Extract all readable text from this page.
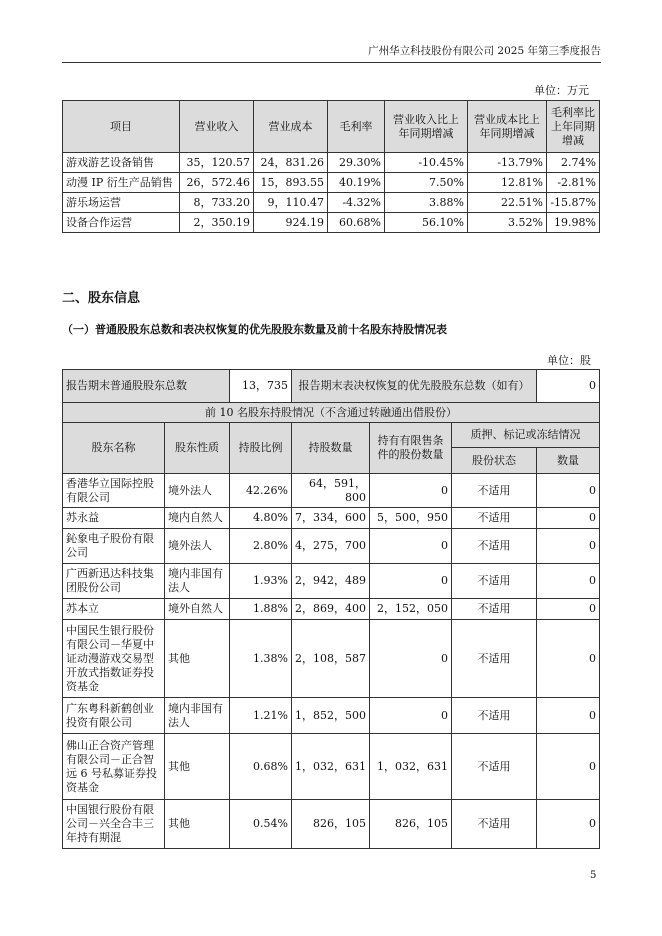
广州华立科技股份有限公司 2025 年第三季度报告
单位：万元
项目	营业收入	营业成本	毛利率	营业收入比上年同期增减	营业成本比上年同期增减	毛利率比上年同期增减
游戏游艺设备销售	35，120.57	24，831.26	29.30%	-10.45%	-13.79%	2.74%
动漫 IP 衍生产品销售	26，572.46	15，893.55	40.19%	7.50%	12.81%	-2.81%
游乐场运营	8，733.20	9，110.47	-4.32%	3.88%	22.51%	-15.87%
设备合作运营	2，350.19	924.19	60.68%	56.10%	3.52%	19.98%
二、股东信息
（一）普通股股东总数和表决权恢复的优先股股东数量及前十名股东持股情况表
单位：股
报告期末普通股股东总数		13，735	报告期末表决权恢复的优先股股东总数（如有）			0
前 10 名股东持股情况（不含通过转融通出借股份）						
股东名称	股东性质	持股比例	持股数量	持有有限售条件的股份数量	质押、标记或冻结情况	
					股份状态	数量
香港华立国际控股有限公司	境外法人	42.26%	64，591，800	0	不适用	0
苏永益	境内自然人	4.80%	7，334，600	5，500，950	不适用	0
鈊象电子股份有限公司	境外法人	2.80%	4，275，700	0	不适用	0
广西新迅达科技集团股份公司	境内非国有法人	1.93%	2，942，489	0	不适用	0
苏本立	境外自然人	1.88%	2，869，400	2，152，050	不适用	0
中国民生银行股份有限公司－华夏中证动漫游戏交易型开放式指数证券投资基金	其他	1.38%	2，108，587	0	不适用	0
广东粤科新鹤创业投资有限公司	境内非国有法人	1.21%	1，852，500	0	不适用	0
佛山正合资产管理有限公司－正合智远 6 号私募证券投资基金	其他	0.68%	1，032，631	1，032，631	不适用	0
中国银行股份有限公司－兴全合丰三年持有期混	其他	0.54%	826，105	826，105	不适用	0
5
